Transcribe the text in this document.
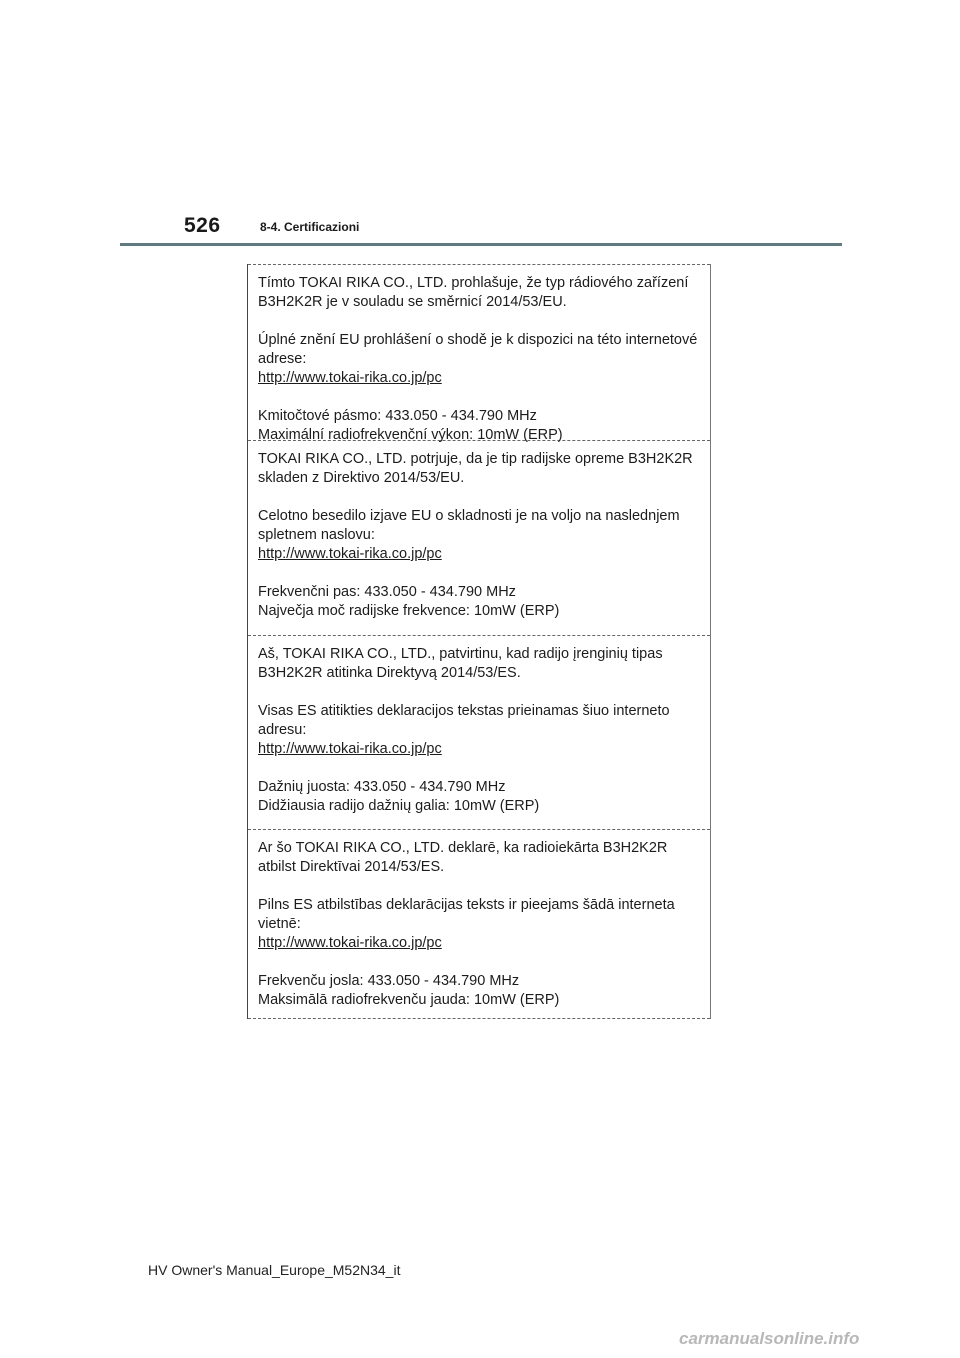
526	8-4. Certificazioni

Tímto TOKAI RIKA CO., LTD. prohlašuje, že typ rádiového zařízení
B3H2K2R je v souladu se směrnicí 2014/53/EU.

Úplné znění EU prohlášení o shodě je k dispozici na této internetové
adrese:
http://www.tokai-rika.co.jp/pc

Kmitočtové pásmo: 433.050 - 434.790 MHz
Maximální radiofrekvenční výkon: 10mW (ERP)

TOKAI RIKA CO., LTD. potrjuje, da je tip radijske opreme B3H2K2R
skladen z Direktivo 2014/53/EU.

Celotno besedilo izjave EU o skladnosti je na voljo na naslednjem
spletnem naslovu:
http://www.tokai-rika.co.jp/pc

Frekvenčni pas: 433.050 - 434.790 MHz
Največja moč radijske frekvence: 10mW (ERP)

Aš, TOKAI RIKA CO., LTD., patvirtinu, kad radijo įrenginių tipas
B3H2K2R atitinka Direktyvą 2014/53/ES.

Visas ES atitikties deklaracijos tekstas prieinamas šiuo interneto
adresu:
http://www.tokai-rika.co.jp/pc

Dažnių juosta: 433.050 - 434.790 MHz
Didžiausia radijo dažnių galia: 10mW (ERP)

Ar šo TOKAI RIKA CO., LTD. deklarē, ka radioiekārta B3H2K2R
atbilst Direktīvai 2014/53/ES.

Pilns ES atbilstības deklarācijas teksts ir pieejams šādā interneta
vietnē:
http://www.tokai-rika.co.jp/pc

Frekvenču josla: 433.050 - 434.790 MHz
Maksimālā radiofrekvenču jauda: 10mW (ERP)

HV Owner's Manual_Europe_M52N34_it
carmanualsonline.info
